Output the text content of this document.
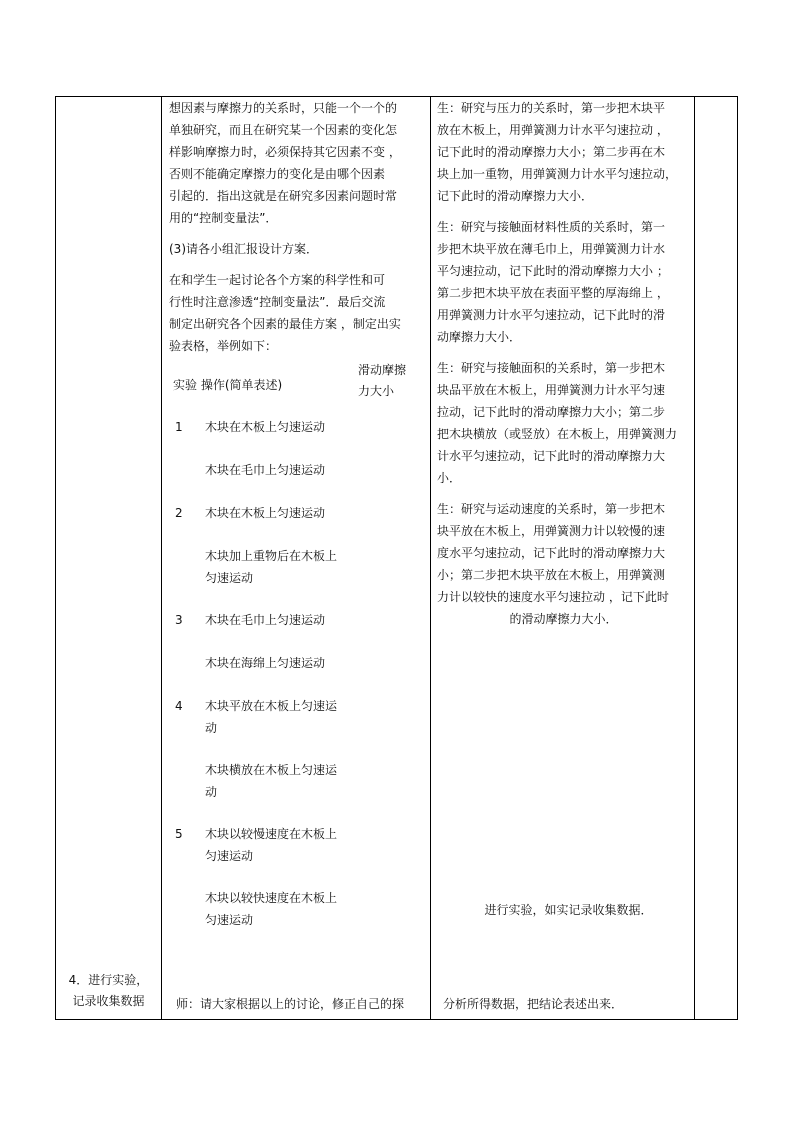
4．进行实验，
记录收集数据

想因素与摩擦力的关系时，只能一个一个的

单独研究，而且在研究某一个因素的变化怎

样影响摩擦力时，必须保持其它因素不变 ，

否则不能确定摩擦力的变化是由哪个因素

引起的．指出这就是在研究多因素问题时常

用的“控制变量法”．

(3)请各小组汇报设计方案．

在和学生一起讨论各个方案的科学性和可

行性时注意渗透“控制变量法”．最后交流

制定出研究各个因素的最佳方案 ，制定出实

验表格，举例如下：

实验 操作(简单表述)
滑动摩擦
力大小
1 木块在木板上匀速运动
木块在毛巾上匀速运动
2 木块在木板上匀速运动
木块加上重物后在木板上
匀速运动
3 木块在毛巾上匀速运动
木块在海绵上匀速运动
4 木块平放在木板上匀速运
动
木块横放在木板上匀速运
动
5 木块以较慢速度在木板上
匀速运动
木块以较快速度在木板上
匀速运动

师：请大家根据以上的讨论，修正自己的探

生：研究与压力的关系时，第一步把木块平

放在木板上，用弹簧测力计水平匀速拉动 ，

记下此时的滑动摩擦力大小；第二步再在木

块上加一重物，用弹簧测力计水平匀速拉动，

记下此时的滑动摩擦力大小．

生：研究与接触面材料性质的关系时，第一

步把木块平放在薄毛巾上，用弹簧测力计水

平匀速拉动，记下此时的滑动摩擦力大小 ；

第二步把木块平放在表面平整的厚海绵上 ，

用弹簧测力计水平匀速拉动，记下此时的滑

动摩擦力大小．

生：研究与接触面积的关系时，第一步把木

块品平放在木板上，用弹簧测力计水平匀速

拉动，记下此时的滑动摩擦力大小；第二步

把木块横放（或竖放）在木板上，用弹簧测力

计水平匀速拉动，记下此时的滑动摩擦力大

小．

生：研究与运动速度的关系时，第一步把木

块平放在木板上，用弹簧测力计以较慢的速

度水平匀速拉动，记下此时的滑动摩擦力大

小；第二步把木块平放在木板上，用弹簧测

力计以较快的速度水平匀速拉动 ，记下此时

的滑动摩擦力大小．

进行实验，如实记录收集数据．

分析所得数据，把结论表述出来．
